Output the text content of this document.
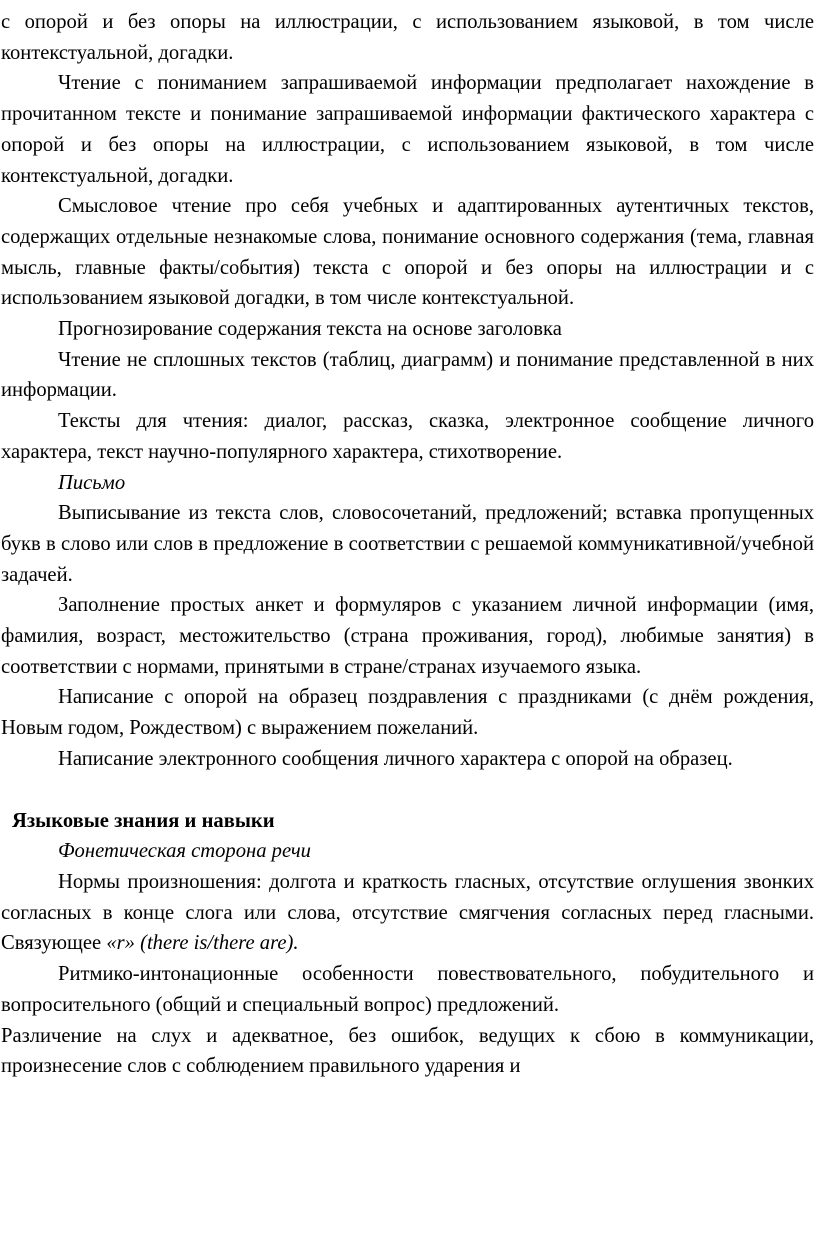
с опорой и без опоры на иллюстрации, с использованием языковой, в том числе контекстуальной, догадки.

Чтение с пониманием запрашиваемой информации предполагает нахождение в прочитанном тексте и понимание запрашиваемой информации фактического характера с опорой и без опоры на иллюстрации, с использованием языковой, в том числе контекстуальной, догадки.

Смысловое чтение про себя учебных и адаптированных аутентичных текстов, содержащих отдельные незнакомые слова, понимание основного содержания (тема, главная мысль, главные факты/события) текста с опорой и без опоры на иллюстрации и с использованием языковой догадки, в том числе контекстуальной.

Прогнозирование содержания текста на основе заголовка

Чтение не сплошных текстов (таблиц, диаграмм) и понимание представленной в них информации.

Тексты для чтения: диалог, рассказ, сказка, электронное сообщение личного характера, текст научно-популярного характера, стихотворение.

Письмо

Выписывание из текста слов, словосочетаний, предложений; вставка пропущенных букв в слово или слов в предложение в соответствии с решаемой коммуникативной/учебной задачей.

Заполнение простых анкет и формуляров с указанием личной информации (имя, фамилия, возраст, местожительство (страна проживания, город), любимые занятия) в соответствии с нормами, принятыми в стране/странах изучаемого языка.

Написание с опорой на образец поздравления с праздниками (с днём рождения, Новым годом, Рождеством) с выражением пожеланий.

Написание электронного сообщения личного характера с опорой на образец.

Языковые знания и навыки

Фонетическая сторона речи

Нормы произношения: долгота и краткость гласных, отсутствие оглушения звонких согласных в конце слога или слова, отсутствие смягчения согласных перед гласными. Связующее «r» (there is/there are).

Ритмико-интонационные особенности повествовательного, побудительного и вопросительного (общий и специальный вопрос) предложений.

Различение на слух и адекватное, без ошибок, ведущих к сбою в коммуникации, произнесение слов с соблюдением правильного ударения и
